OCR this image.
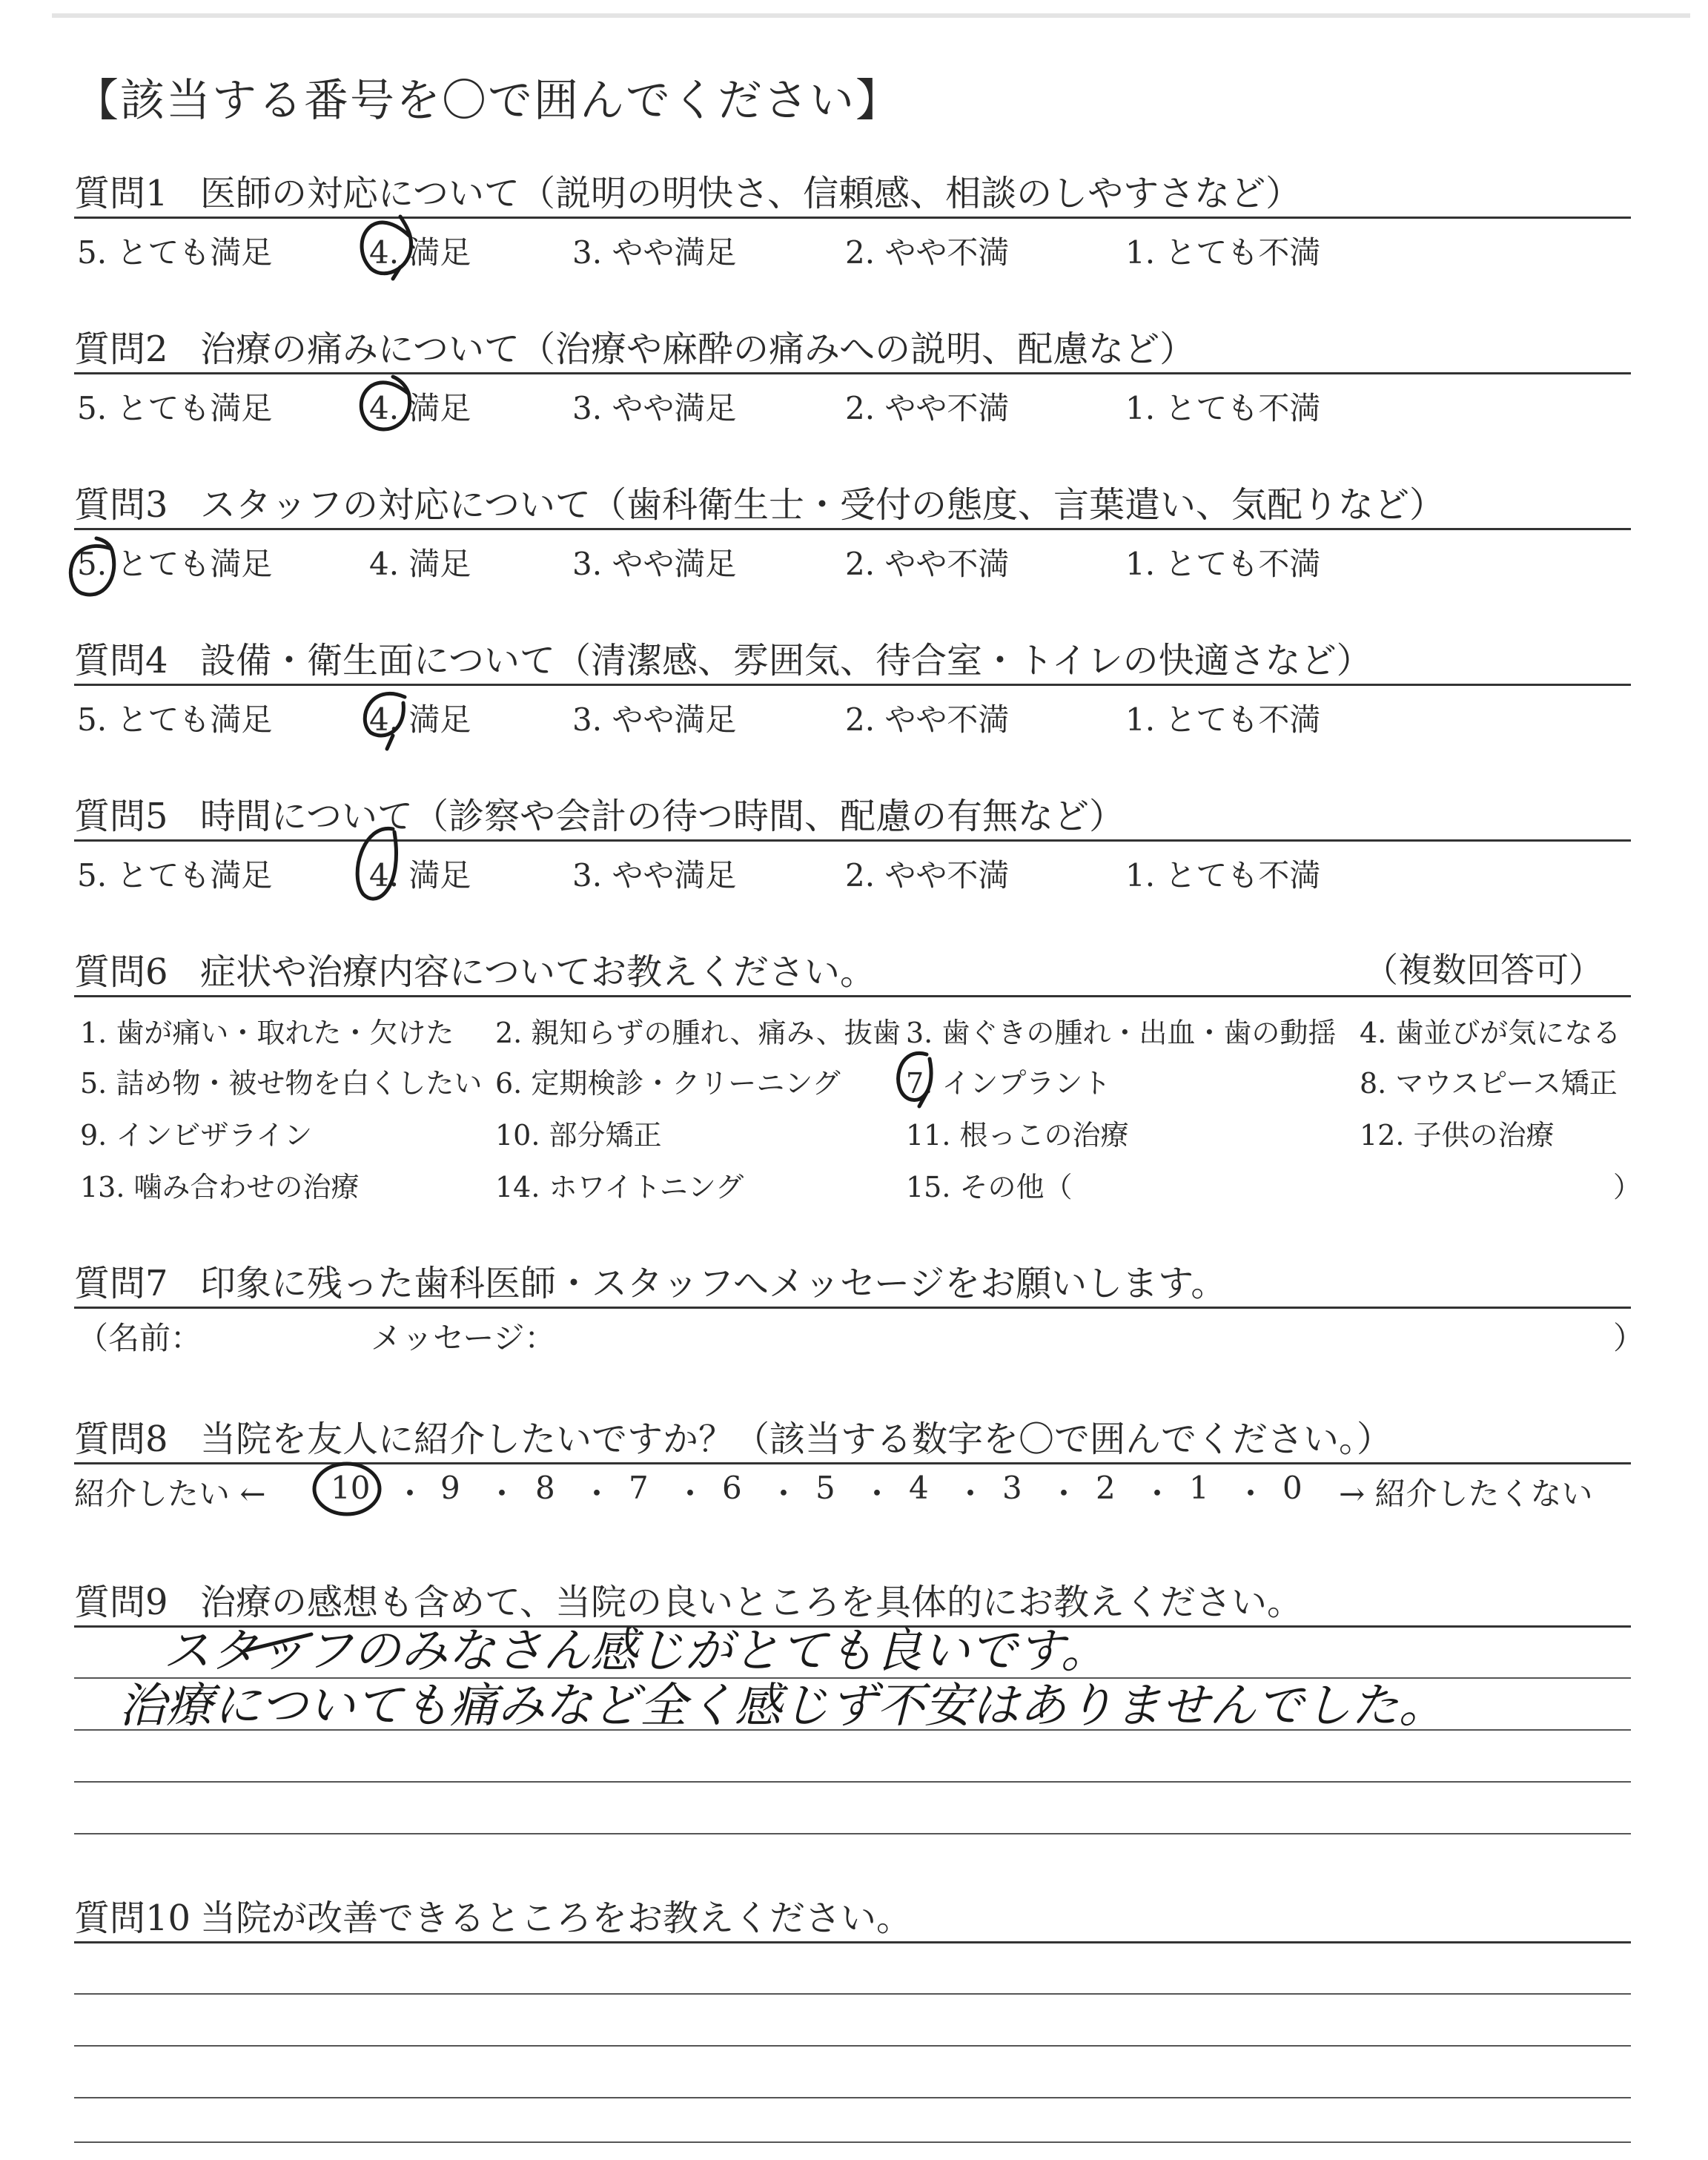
【該当する番号を〇で囲んでください】
質問1 医師の対応について（説明の明快さ、信頼感、相談のしやすさなど）
5. とても満足	4. 満足	3. やや満足	2. やや不満	1. とても不満
質問2 治療の痛みについて（治療や麻酔の痛みへの説明、配慮など）
5. とても満足	4. 満足	3. やや満足	2. やや不満	1. とても不満
質問3 スタッフの対応について（歯科衛生士・受付の態度、言葉遣い、気配りなど）
5. とても満足	4. 満足	3. やや満足	2. やや不満	1. とても不満
質問4 設備・衛生面について（清潔感、雰囲気、待合室・トイレの快適さなど）
5. とても満足	4. 満足	3. やや満足	2. やや不満	1. とても不満
質問5 時間について（診察や会計の待つ時間、配慮の有無など）
5. とても満足	4. 満足	3. やや満足	2. やや不満	1. とても不満
質問6 症状や治療内容についてお教えください。	（複数回答可）
1. 歯が痛い・取れた・欠けた 2. 親知らずの腫れ、痛み、抜歯 3. 歯ぐきの腫れ・出血・歯の動揺 4. 歯並びが気になる
5. 詰め物・被せ物を白くしたい 6. 定期検診・クリーニング 7. インプラント	8. マウスピース矯正
9. インビザライン	10. 部分矯正	11. 根っこの治療	12. 子供の治療
13. 噛み合わせの治療	14. ホワイトニング	15. その他（	）
質問7 印象に残った歯科医師・スタッフへメッセージをお願いします。
（名前：	メッセージ：	）
質問8 当院を友人に紹介したいですか？（該当する数字を〇で囲んでください。）
紹介したい ← 10 ・ 9 ・ 8 ・ 7 ・ 6 ・ 5 ・ 4 ・ 3 ・ 2 ・ 1 ・ 0 → 紹介したくない
質問9 治療の感想も含めて、当院の良いところを具体的にお教えください。
質問10 当院が改善できるところをお教えください。
スタッフのみなさん感じがとても良いです。
治療についても痛みなど全く感じず不安はありませんでした。
